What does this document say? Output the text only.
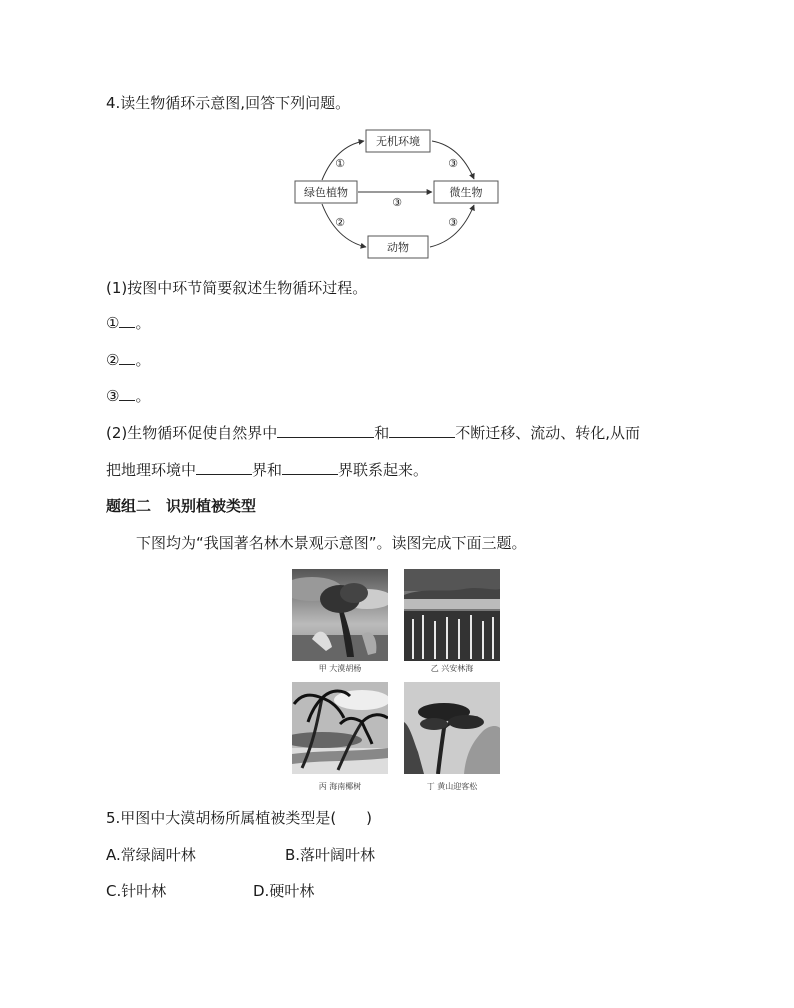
4.读生物循环示意图,回答下列问题。
无机环境
绿色植物	微生物
动物
①	③
③
②	③
(1)按图中环节简要叙述生物循环过程。
① 。
② 。
③ 。
(2)生物循环促使自然界中	和	不断迁移、流动、转化,从而
把地理环境中	界和	界联系起来。
题组二　识别植被类型
下图均为“我国著名林木景观示意图”。读图完成下面三题。
甲 大漠胡杨	乙 兴安林海
丙 海南椰树	丁 黄山迎客松
5.甲图中大漠胡杨所属植被类型是(　　)
A.常绿阔叶林	B.落叶阔叶林
C.针叶林	D.硬叶林
